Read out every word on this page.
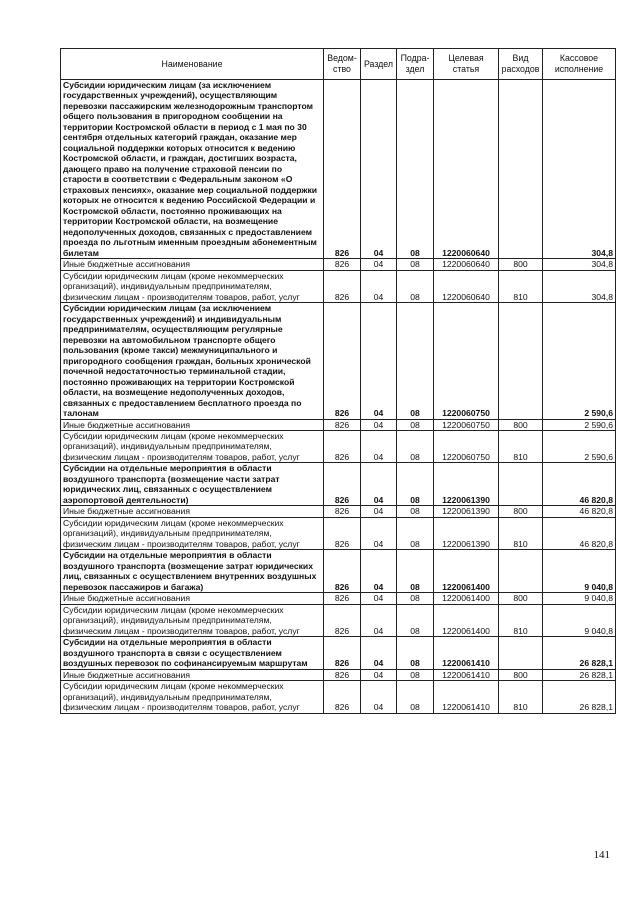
Наименование	Ведом-ство	Раздел	Подра-здел	Целевая статья	Вид расходов	Кассовое исполнение
Субсидии юридическим лицам (за исключением государственных учреждений), осуществляющим перевозки пассажирским железнодорожным транспортом общего пользования в пригородном сообщении на территории Костромской области в период с 1 мая по 30 сентября отдельных категорий граждан, оказание мер социальной поддержки которых относится к ведению Костромской области, и граждан, достигших возраста, дающего право на получение страховой пенсии по старости в соответствии с Федеральным законом «О страховых пенсиях», оказание мер социальной поддержки которых не относится к ведению Российской Федерации и Костромской области, постоянно проживающих на территории Костромской области, на возмещение недополученных доходов, связанных с предоставлением проезда по льготным именным проездным абонементным билетам	826	04	08	1220060640		304,8
Иные бюджетные ассигнования	826	04	08	1220060640	800	304,8
Субсидии юридическим лицам (кроме некоммерческих организаций), индивидуальным предпринимателям, физическим лицам - производителям товаров, работ, услуг	826	04	08	1220060640	810	304,8
Субсидии юридическим лицам (за исключением государственных учреждений) и индивидуальным предпринимателям, осуществляющим регулярные перевозки на автомобильном транспорте общего пользования (кроме такси) межмуниципального и пригородного сообщения граждан, больных хронической почечной недостаточностью терминальной стадии, постоянно проживающих на территории Костромской области, на возмещение недополученных доходов, связанных с предоставлением бесплатного проезда по талонам	826	04	08	1220060750		2 590,6
Иные бюджетные ассигнования	826	04	08	1220060750	800	2 590,6
Субсидии юридическим лицам (кроме некоммерческих организаций), индивидуальным предпринимателям, физическим лицам - производителям товаров, работ, услуг	826	04	08	1220060750	810	2 590,6
Субсидии на отдельные мероприятия в области воздушного транспорта (возмещение части затрат юридических лиц, связанных с осуществлением аэропортовой деятельности)	826	04	08	1220061390		46 820,8
Иные бюджетные ассигнования	826	04	08	1220061390	800	46 820,8
Субсидии юридическим лицам (кроме некоммерческих организаций), индивидуальным предпринимателям, физическим лицам - производителям товаров, работ, услуг	826	04	08	1220061390	810	46 820,8
Субсидии на отдельные мероприятия в области воздушного транспорта (возмещение затрат юридических лиц, связанных с осуществлением внутренних воздушных перевозок пассажиров и багажа)	826	04	08	1220061400		9 040,8
Иные бюджетные ассигнования	826	04	08	1220061400	800	9 040,8
Субсидии юридическим лицам (кроме некоммерческих организаций), индивидуальным предпринимателям, физическим лицам - производителям товаров, работ, услуг	826	04	08	1220061400	810	9 040,8
Субсидии на отдельные мероприятия в области воздушного транспорта в связи с осуществлением воздушных перевозок по софинансируемым маршрутам	826	04	08	1220061410		26 828,1
Иные бюджетные ассигнования	826	04	08	1220061410	800	26 828,1
Субсидии юридическим лицам (кроме некоммерческих организаций), индивидуальным предпринимателям, физическим лицам - производителям товаров, работ, услуг	826	04	08	1220061410	810	26 828,1
141
